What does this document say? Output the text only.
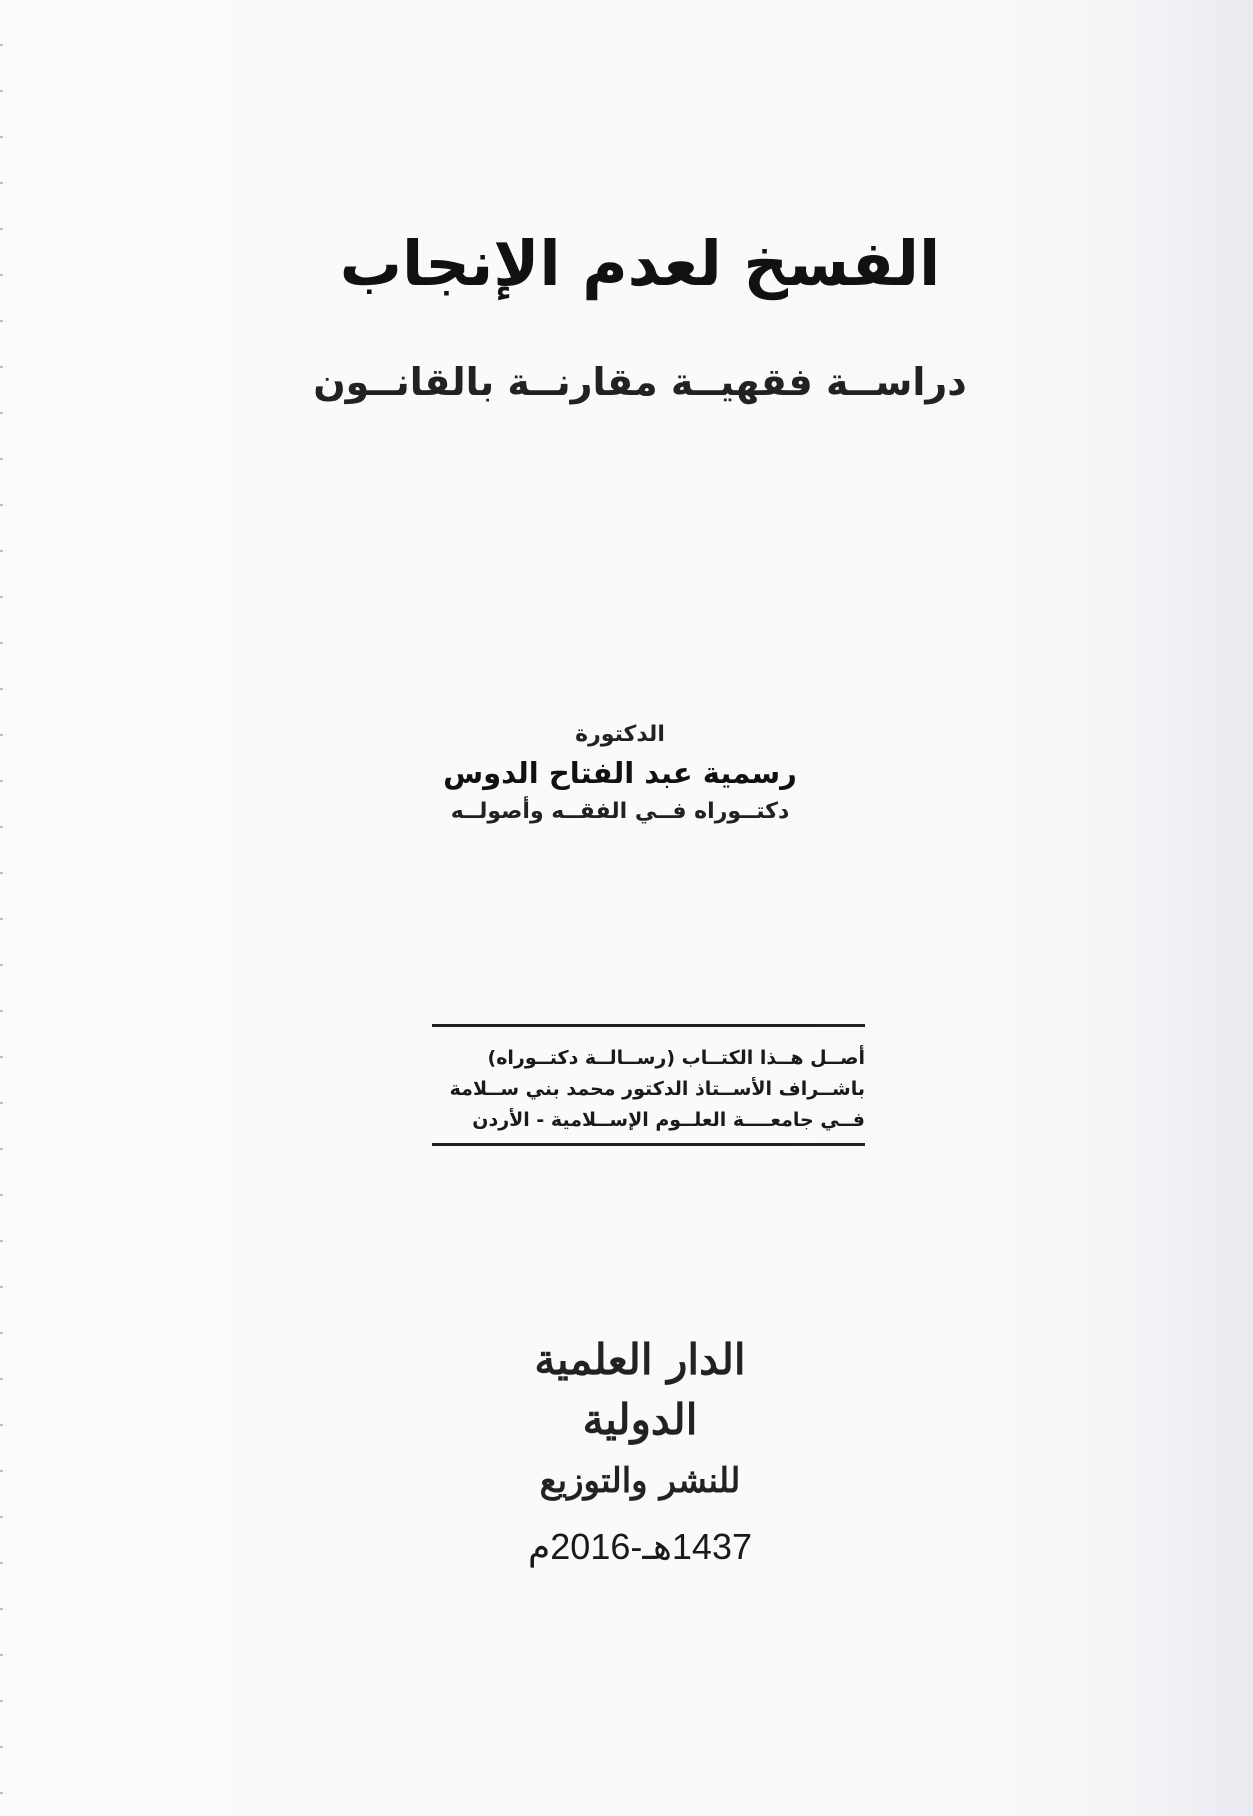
الفسخ لعدم الإنجاب
دراســة فقهيــة مقارنــة بالقانــون
الدكتورة
رسمية عبد الفتاح الدوس
دكتــوراه فــي الفقــه وأصولــه
أصــل هــذا الكتــاب (رســالــة دكتــوراه)
باشــراف الأســتاذ الدكتور محمد بني ســلامة
فــي جامعــــة العلــوم الإســلامية - الأردن
الدار العلمية الدولية
للنشر والتوزيع
1437هـ-2016م
